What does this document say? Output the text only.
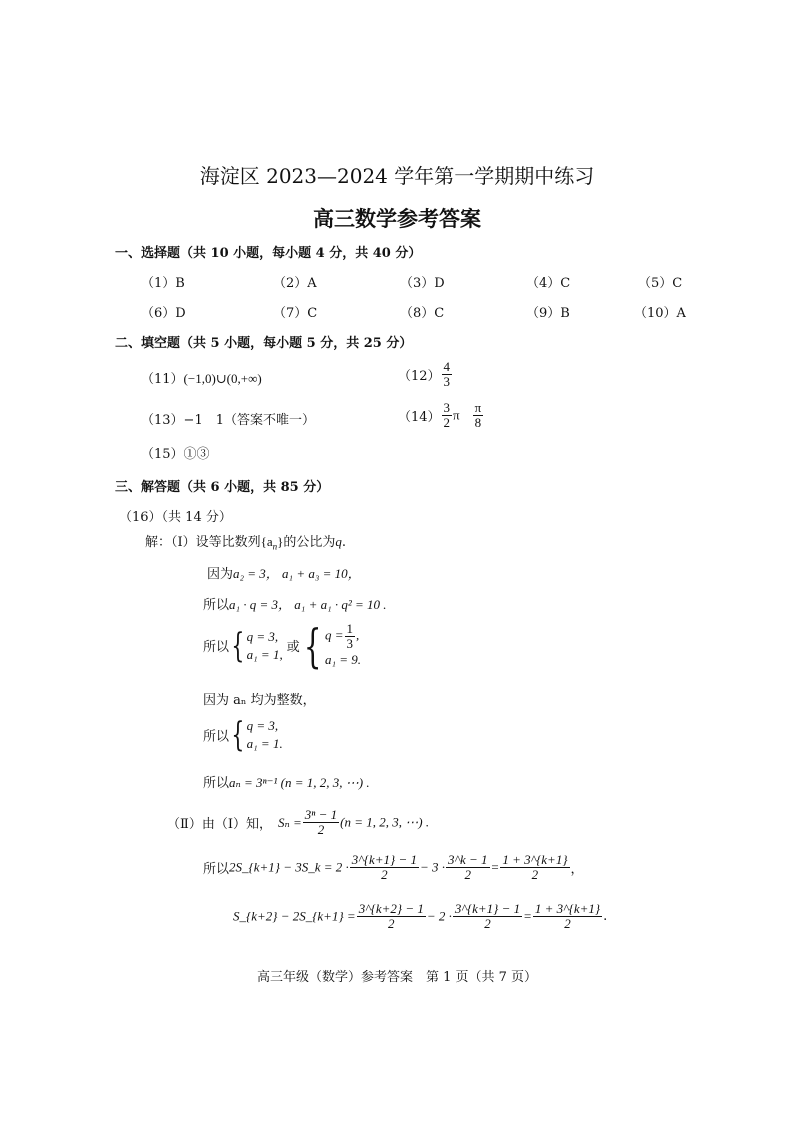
海淀区 2023—2024 学年第一学期期中练习
高三数学参考答案
一、选择题（共 10 小题，每小题 4 分，共 40 分）
（1）B	（2）A	（3）D	（4）C	（5）C
（6）D	（7）C	（8）C	（9）B	（10）A
二、填空题（共 5 小题，每小题 5 分，共 25 分）
（11）(−1,0)∪(0,+∞)	$(12) \frac{4}{3}$
（13）−1　1（答案不唯一）	$(14) \frac{3}{2}$ π $\frac{\pi}{8}$
（15）①③
三、解答题（共 6 小题，共 85 分）
（16）（共 14 分）
解：（Ⅰ）设等比数列$\{a_n\}$的公比为q.
因为a₂ = 3， a₁ + a₃ = 10，
所以a₁ · q = 3， a₁ + a₁ · q² = 10 .
所以{ q = 3,
a₁ = 1, 或{ $q = \frac{1}{3}$ ,
a₁ = 9.
因为 aₙ 均为整数，
所以{ q = 3,
a₁ = 1.
所以aₙ = 3ⁿ⁻¹ (n = 1, 2, 3, ⋯) .
（Ⅱ）由（Ⅰ）知， $S_n = \frac{\text{3ⁿ − 1}}{2} (n = 1$, 2, 3, ⋯) .
所以2S_{k+1} − 3S_k = $2 \cdot \frac{3\^{}\{k+1\} - 1}{2} - 3 \cdot \frac{3\^{}k - 1}{2} = \frac{1 + 3\^{}\{k+1\}}{2}$ ，
S_{k+2} − 2S_{k+1} = $\frac{3\^{}\{k+2\} - 1}{2} - 2 \cdot \frac{3\^{}\{k+1\} - 1}{2} = \frac{1 + 3\^{}\{k+1\}}{2}$ .
高三年级（数学）参考答案　第 1 页（共 7 页）
